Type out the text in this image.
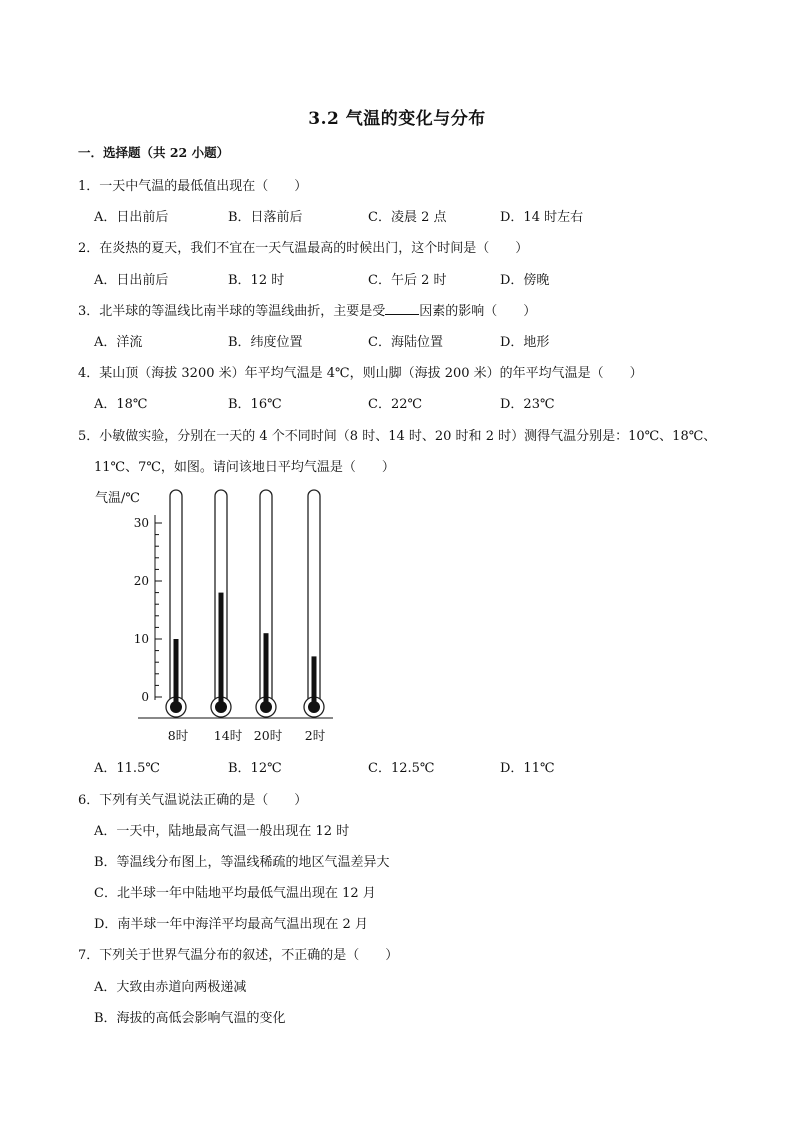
3.2 气温的变化与分布
一．选择题（共 22 小题）
1．一天中气温的最低值出现在（　　）
A．日出前后	B．日落前后	C．凌晨 2 点	D．14 时左右
2．在炎热的夏天，我们不宜在一天气温最高的时候出门，这个时间是（　　）
A．日出前后	B．12 时	C．午后 2 时	D．傍晚
3．北半球的等温线比南半球的等温线曲折，主要是受	因素的影响（　　）
A．洋流	B．纬度位置	C．海陆位置	D．地形
4．某山顶（海拔 3200 米）年平均气温是 4℃，则山脚（海拔 200 米）的年平均气温是（　　）
A．18℃	B．16℃	C．22℃	D．23℃
5．小敏做实验，分别在一天的 4 个不同时间（8 时、14 时、20 时和 2 时）测得气温分别是：10℃、18℃、
11℃、7℃，如图。请问该地日平均气温是（　　）
气温/℃
0
10
20
30
8时 14时 20时 2时
A．11.5℃	B．12℃	C．12.5℃	D．11℃
6．下列有关气温说法正确的是（　　）
A．一天中，陆地最高气温一般出现在 12 时
B．等温线分布图上，等温线稀疏的地区气温差异大
C．北半球一年中陆地平均最低气温出现在 12 月
D．南半球一年中海洋平均最高气温出现在 2 月
7．下列关于世界气温分布的叙述，不正确的是（　　）
A．大致由赤道向两极递减
B．海拔的高低会影响气温的变化
